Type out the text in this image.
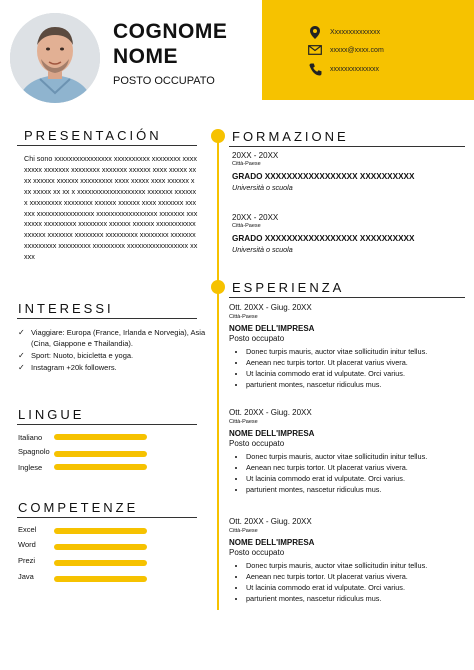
COGNOME
NOME
POSTO OCCUPATO
Xxxxxxxxxxxxxx
xxxxx@xxxx.com
xxxxxxxxxxxxxx
PRESENTACIÓN
Chi sono xxxxxxxxxxxxxxxx xxxxxxxxxx xxxxxxxx xxxxxxxxx xxxxxxx xxxxxxxx xxxxxxx xxxxxx xxxx xxxxx xxxx xxxxxx xxxxxx xxxxxxxxx xxxx xxxxx xxxx xxxxxx xxx xxxxx xx xx x xxxxxxxxxxxxxxxxxxx xxxxxxx xxxxxxx xxxxxxxxx xxxxxxxx xxxxxx xxxxxx xxxx xxxxxxx xxxxxx xxxxxxxxxxxxxxxx xxxxxxxxxxxxxxxxx xxxxxxx xxxxxxxx xxxxxxxxx xxxxxxxx xxxxxx xxxxxx xxxxxxxxxxxxxxxxx xxxxxxx xxxxxxxx xxxxxxxxx xxxxxxxx xxxxxxx xxxxxxxxx xxxxxxxxx xxxxxxxxx xxxxxxxxxxxxxxxxx xxxxx
INTERESSI
✓ Viaggiare: Europa (France, Irlanda e Norvegia), Asia (Cina, Giappone e Thailandia).
✓ Sport: Nuoto, bicicletta e yoga.
✓ Instagram +20k followers.
LINGUE
Italiano
Spagnolo
Inglese
COMPETENZE
Excel
Word
Prezi
Java
FORMAZIONE
20XX - 20XX
Città-Paese
GRADO XXXXXXXXXXXXXXXXX XXXXXXXXXX
Università o scuola
20XX - 20XX
Città-Paese
GRADO XXXXXXXXXXXXXXXXX XXXXXXXXXX
Università o scuola
ESPERIENZA
Ott. 20XX - Giug. 20XX
Città-Paese
NOME DELL'IMPRESA
Posto occupato
• Donec turpis mauris, auctor vitae sollicitudin initur tellus.
• Aenean nec turpis tortor. Ut placerat varius vivera.
• Ut lacinia commodo erat id vulputate. Orci varius.
• parturient montes, nascetur ridiculus mus.
Ott. 20XX - Giug. 20XX
Città-Paese
NOME DELL'IMPRESA
Posto occupato
• Donec turpis mauris, auctor vitae sollicitudin initur tellus.
• Aenean nec turpis tortor. Ut placerat varius vivera.
• Ut lacinia commodo erat id vulputate. Orci varius.
• parturient montes, nascetur ridiculus mus.
Ott. 20XX - Giug. 20XX
Città-Paese
NOME DELL'IMPRESA
Posto occupato
• Donec turpis mauris, auctor vitae sollicitudin initur tellus.
• Aenean nec turpis tortor. Ut placerat varius vivera.
• Ut lacinia commodo erat id vulputate. Orci varius.
• parturient montes, nascetur ridiculus mus.
